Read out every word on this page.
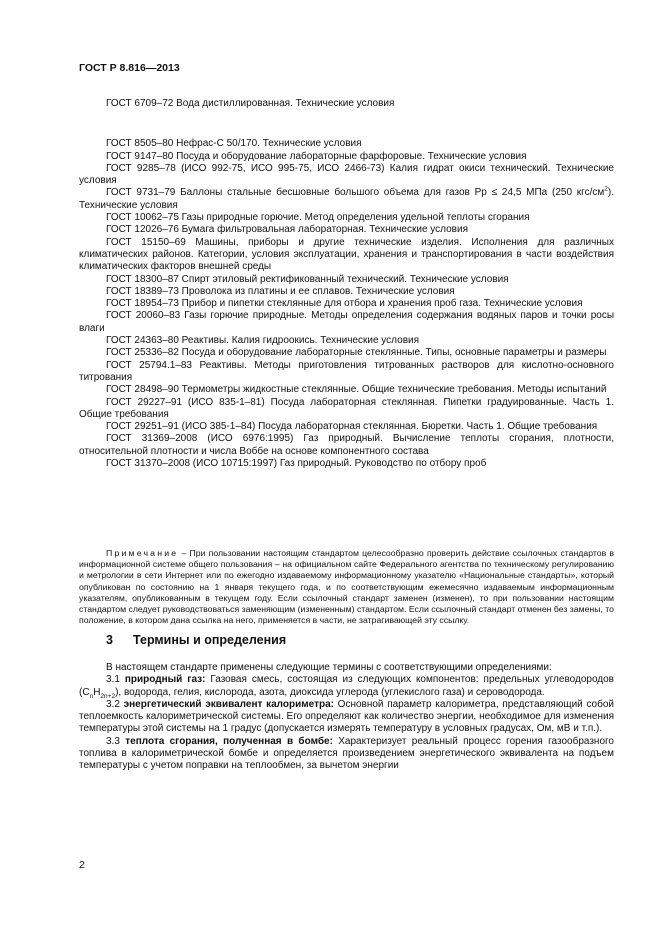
ГОСТ Р 8.816—2013

ГОСТ 6709–72 Вода дистиллированная. Технические условия

ГОСТ 8505–80 Нефрас-С 50/170. Технические условия

ГОСТ 9147–80 Посуда и оборудование лабораторные фарфоровые. Технические условия

ГОСТ 9285–78 (ИСО 992-75, ИСО 995-75, ИСО 2466-73) Калия гидрат окиси технический. Технические условия

ГОСТ 9731–79 Баллоны стальные бесшовные большого объема для газов Рр ≤ 24,5 МПа (250 кгс/$см^2$). Технические условия

ГОСТ 10062–75 Газы природные горючие. Метод определения удельной теплоты сгорания

ГОСТ 12026–76 Бумага фильтровальная лабораторная. Технические условия

ГОСТ 15150–69 Машины, приборы и другие технические изделия. Исполнения для различных климатических районов. Категории, условия эксплуатации, хранения и транспортирования в части воздействия климатических факторов внешней среды

ГОСТ 18300–87 Спирт этиловый ректификованный технический. Технические условия

ГОСТ 18389–73 Проволока из платины и ее сплавов. Технические условия

ГОСТ 18954–73 Прибор и пипетки стеклянные для отбора и хранения проб газа. Технические условия

ГОСТ 20060–83 Газы горючие природные. Методы определения содержания водяных паров и точки росы влаги

ГОСТ 24363–80 Реактивы. Калия гидроокись. Технические условия

ГОСТ 25336–82 Посуда и оборудование лабораторные стеклянные. Типы, основные параметры и размеры

ГОСТ 25794.1–83 Реактивы. Методы приготовления титрованных растворов для кислотно-основного титрования

ГОСТ 28498–90 Термометры жидкостные стеклянные. Общие технические требования. Методы испытаний

ГОСТ 29227–91 (ИСО 835-1–81) Посуда лабораторная стеклянная. Пипетки градуированные. Часть 1. Общие требования

ГОСТ 29251–91 (ИСО 385-1–84) Посуда лабораторная стеклянная. Бюретки. Часть 1. Общие требования

ГОСТ 31369–2008 (ИСО 6976:1995) Газ природный. Вычисление теплоты сгорания, плотности, относительной плотности и числа Воббе на основе компонентного состава

ГОСТ 31370–2008 (ИСО 10715:1997) Газ природный. Руководство по отбору проб

Примечание – При пользовании настоящим стандартом целесообразно проверить действие ссылочных стандартов в информационной системе общего пользования – на официальном сайте Федерального агентства по техническому регулированию и метрологии в сети Интернет или по ежегодно издаваемому информационному указателю «Национальные стандарты», который опубликован по состоянию на 1 января текущего года, и по соответствующим ежемесячно издаваемым информационным указателям, опубликованным в текущем году. Если ссылочный стандарт заменен (изменен), то при пользовании настоящим стандартом следует руководствоваться заменяющим (измененным) стандартом. Если ссылочный стандарт отменен без замены, то положение, в котором дана ссылка на него, применяется в части, не затрагивающей эту ссылку.

3 Термины и определения

В настоящем стандарте применены следующие термины с соответствующими определениями:

3.1 природный газ: Газовая смесь, состоящая из следующих компонентов: предельных углеводородов $(C_nH_{2n+2})$, водорода, гелия, кислорода, азота, диоксида углерода (углекислого газа) и сероводорода.

3.2 энергетический эквивалент калориметра: Основной параметр калориметра, представляющий собой теплоемкость калориметрической системы. Его определяют как количество энергии, необходимое для изменения температуры этой системы на 1 градус (допускается измерять температуру в условных градусах, Ом, мВ и т.п.).

3.3 теплота сгорания, полученная в бомбе: Характеризует реальный процесс горения газообразного топлива в калориметрической бомбе и определяется произведением энергетического эквивалента на подъем температуры с учетом поправки на теплообмен, за вычетом энергии

2
